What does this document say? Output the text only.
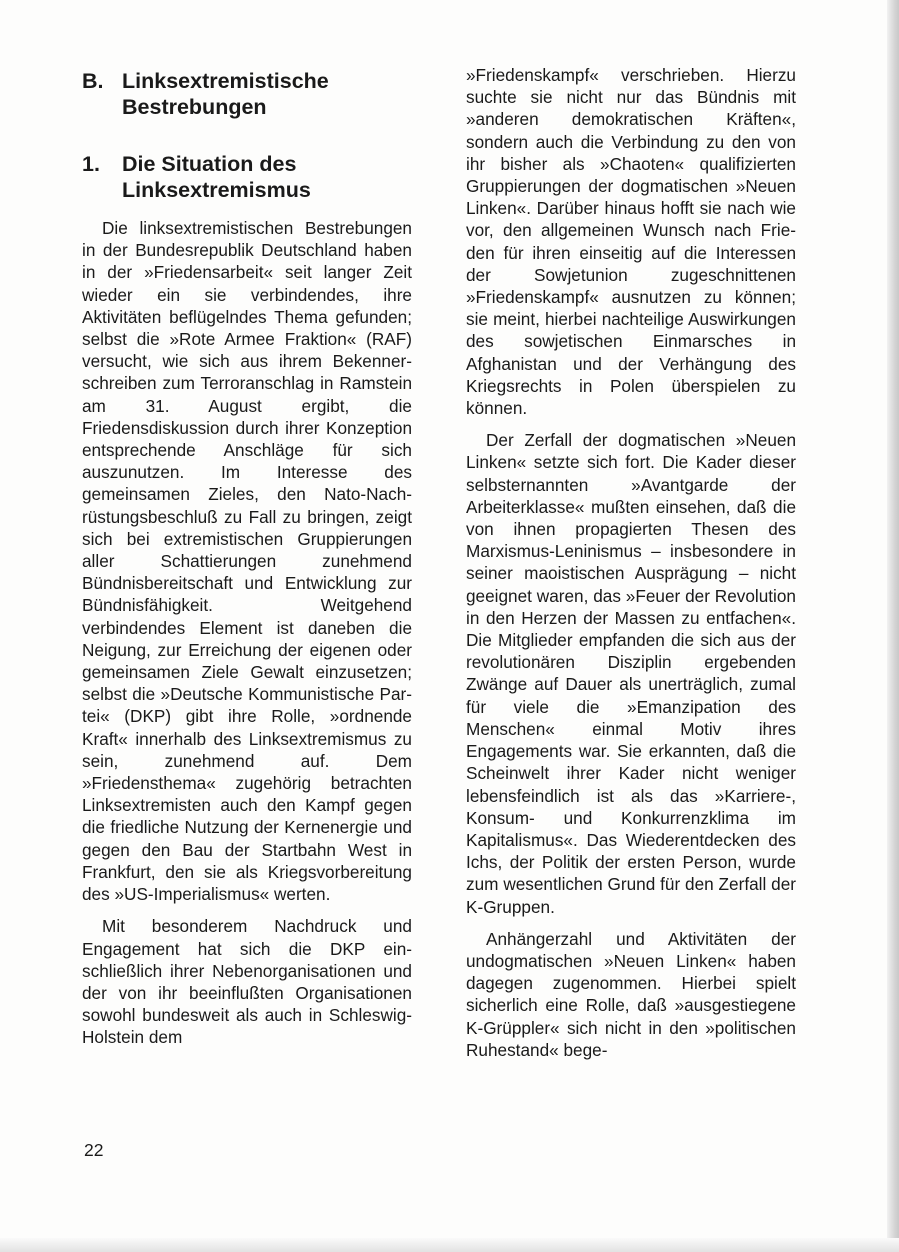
B. Linksextremistische Bestrebungen
1.	Die Situation des Linksextremismus

Die linksextremistischen Bestrebungen in der Bundesrepublik Deutschland haben in der »Friedensarbeit« seit langer Zeit wieder ein sie verbindendes, ihre Aktivitäten beflügelndes Thema gefunden; selbst die »Rote Armee Fraktion« (RAF) versucht, wie sich aus ihrem Bekennerschreiben zum Terroranschlag in Ramstein am 31. August ergibt, die Friedensdiskussion durch ihrer Konzeption entsprechende Anschläge für sich auszunutzen. Im Interesse des gemeinsamen Zieles, den Nato-Nachrüstungsbeschluß zu Fall zu bringen, zeigt sich bei extremistischen Gruppierungen aller Schattierungen zunehmend Bündnisbereitschaft und Entwicklung zur Bündnisfähigkeit. Weitgehend verbindendes Element ist daneben die Neigung, zur Erreichung der eigenen oder gemeinsamen Ziele Gewalt einzusetzen; selbst die »Deutsche Kommunistische Partei« (DKP) gibt ihre Rolle, »ordnende Kraft« innerhalb des Linksextremismus zu sein, zunehmend auf. Dem »Friedensthema« zugehörig betrachten Linksextremisten auch den Kampf gegen die friedliche Nutzung der Kernenergie und gegen den Bau der Startbahn West in Frankfurt, den sie als Kriegsvorbereitung des »US-Imperialismus« werten.

Mit besonderem Nachdruck und Engagement hat sich die DKP einschließlich ihrer Nebenorganisationen und der von ihr beeinflußten Organisationen sowohl bundesweit als auch in Schleswig-Holstein dem

»Friedenskampf« verschrieben. Hierzu suchte sie nicht nur das Bündnis mit »anderen demokratischen Kräften«, sondern auch die Verbindung zu den von ihr bisher als »Chaoten« qualifizierten Gruppierungen der dogmatischen »Neuen Linken«. Darüber hinaus hofft sie nach wie vor, den allgemeinen Wunsch nach Frieden für ihren einseitig auf die Interessen der Sowjetunion zugeschnittenen »Friedenskampf« ausnutzen zu können; sie meint, hierbei nachteilige Auswirkungen des sowjetischen Einmarsches in Afghanistan und der Verhängung des Kriegsrechts in Polen überspielen zu können.

Der Zerfall der dogmatischen »Neuen Linken« setzte sich fort. Die Kader dieser selbsternannten »Avantgarde der Arbeiterklasse« mußten einsehen, daß die von ihnen propagierten Thesen des Marxismus-Leninismus – insbesondere in seiner maoistischen Ausprägung – nicht geeignet waren, das »Feuer der Revolution in den Herzen der Massen zu entfachen«. Die Mitglieder empfanden die sich aus der revolutionären Disziplin ergebenden Zwänge auf Dauer als unerträglich, zumal für viele die »Emanzipation des Menschen« einmal Motiv ihres Engagements war. Sie erkannten, daß die Scheinwelt ihrer Kader nicht weniger lebensfeindlich ist als das »Karriere-, Konsum- und Konkurrenzklima im Kapitalismus«. Das Wiederentdecken des Ichs, der Politik der ersten Person, wurde zum wesentlichen Grund für den Zerfall der K-Gruppen.

Anhängerzahl und Aktivitäten der undogmatischen »Neuen Linken« haben dagegen zugenommen. Hierbei spielt sicherlich eine Rolle, daß »ausgestiegene K-Grüppler« sich nicht in den »politischen Ruhestand« bege-

22
